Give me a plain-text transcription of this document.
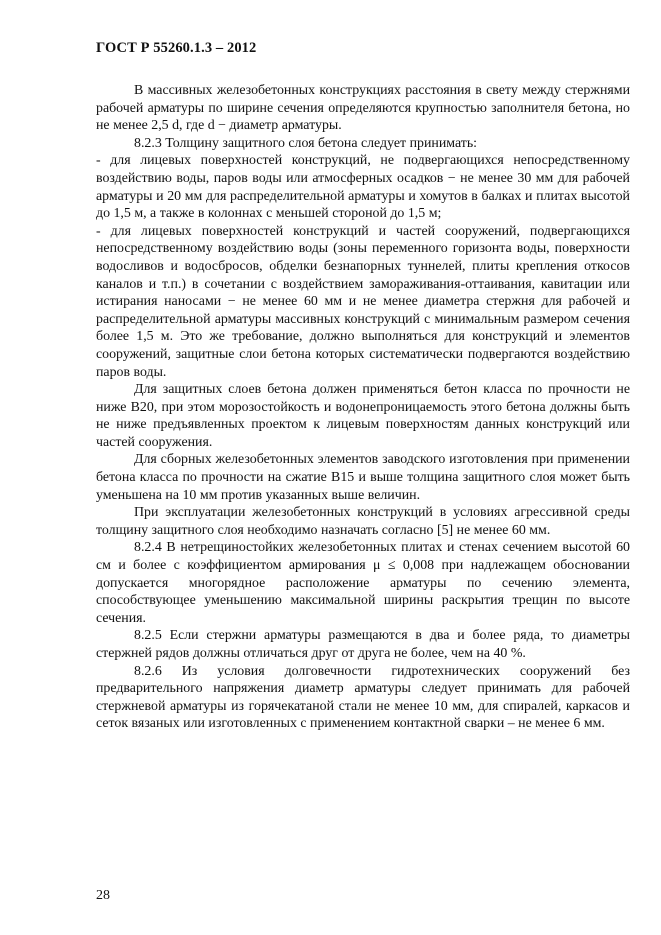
ГОСТ Р 55260.1.3 – 2012

В массивных железобетонных конструкциях расстояния в свету между стержнями рабочей арматуры по ширине сечения определяются крупностью заполнителя бетона, но не менее 2,5 d, где d − диаметр арматуры.

8.2.3 Толщину защитного слоя бетона следует принимать:

- для лицевых поверхностей конструкций, не подвергающихся непосредственному воздействию воды, паров воды или атмосферных осадков − не менее 30 мм для рабочей арматуры и 20 мм для распределительной арматуры и хомутов в балках и плитах высотой до 1,5 м, а также в колоннах с меньшей стороной до 1,5 м;

- для лицевых поверхностей конструкций и частей сооружений, подвергающихся непосредственному воздействию воды (зоны переменного горизонта воды, поверхности водосливов и водосбросов, обделки безнапорных туннелей, плиты крепления откосов каналов и т.п.) в сочетании с воздействием замораживания-оттаивания, кавитации или истирания наносами − не менее 60 мм и не менее диаметра стержня для рабочей и распределительной арматуры массивных конструкций с минимальным размером сечения более 1,5 м. Это же требование, должно выполняться для конструкций и элементов сооружений, защитные слои бетона которых систематически подвергаются воздействию паров воды.

Для защитных слоев бетона должен применяться бетон класса по прочности не ниже В20, при этом морозостойкость и водонепроницаемость этого бетона должны быть не ниже предъявленных проектом к лицевым поверхностям данных конструкций или частей сооружения.

Для сборных железобетонных элементов заводского изготовления при применении бетона класса по прочности на сжатие В15 и выше толщина защитного слоя может быть уменьшена на 10 мм против указанных выше величин.

При эксплуатации железобетонных конструкций в условиях агрессивной среды толщину защитного слоя необходимо назначать согласно [5] не менее 60 мм.

8.2.4 В нетрещиностойких железобетонных плитах и стенах сечением высотой 60 см и более с коэффициентом армирования μ ≤ 0,008 при надлежащем обосновании допускается многорядное расположение арматуры по сечению элемента, способствующее уменьшению максимальной ширины раскрытия трещин по высоте сечения.

8.2.5 Если стержни арматуры размещаются в два и более ряда, то диаметры стержней рядов должны отличаться друг от друга не более, чем на 40 %.

8.2.6 Из условия долговечности гидротехнических сооружений без предварительного напряжения диаметр арматуры следует принимать для рабочей стержневой арматуры из горячекатаной стали не менее 10 мм, для спиралей, каркасов и сеток вязаных или изготовленных с применением контактной сварки – не менее 6 мм.

28
